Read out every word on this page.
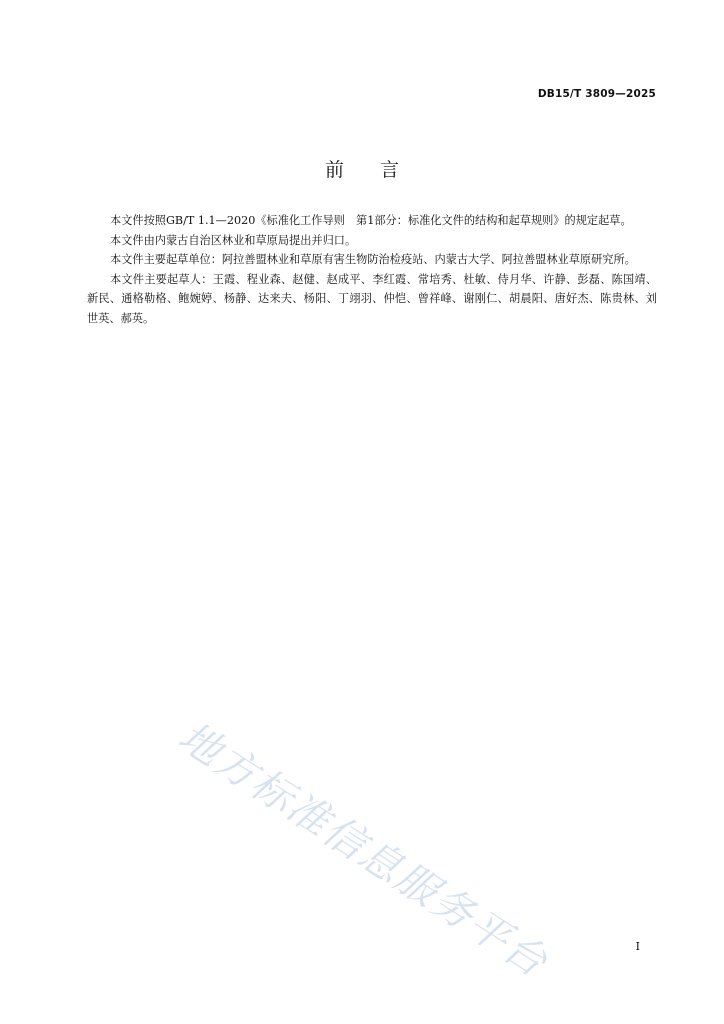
DB15/T 3809—2025
前 言

本文件按照GB/T 1.1—2020《标准化工作导则　第1部分：标准化文件的结构和起草规则》的规定起草。

本文件由内蒙古自治区林业和草原局提出并归口。

本文件主要起草单位：阿拉善盟林业和草原有害生物防治检疫站、内蒙古大学、阿拉善盟林业草原研究所。

本文件主要起草人：王霞、程业森、赵健、赵成平、李红霞、常培秀、杜敏、侍月华、许静、彭磊、陈国靖、新民、通格勒格、鲍婉婷、杨静、达来夫、杨阳、丁翊羽、仲恺、曾祥峰、谢刚仁、胡晨阳、唐好杰、陈贵林、刘世英、郝英。

地方标准信息服务平台	I
